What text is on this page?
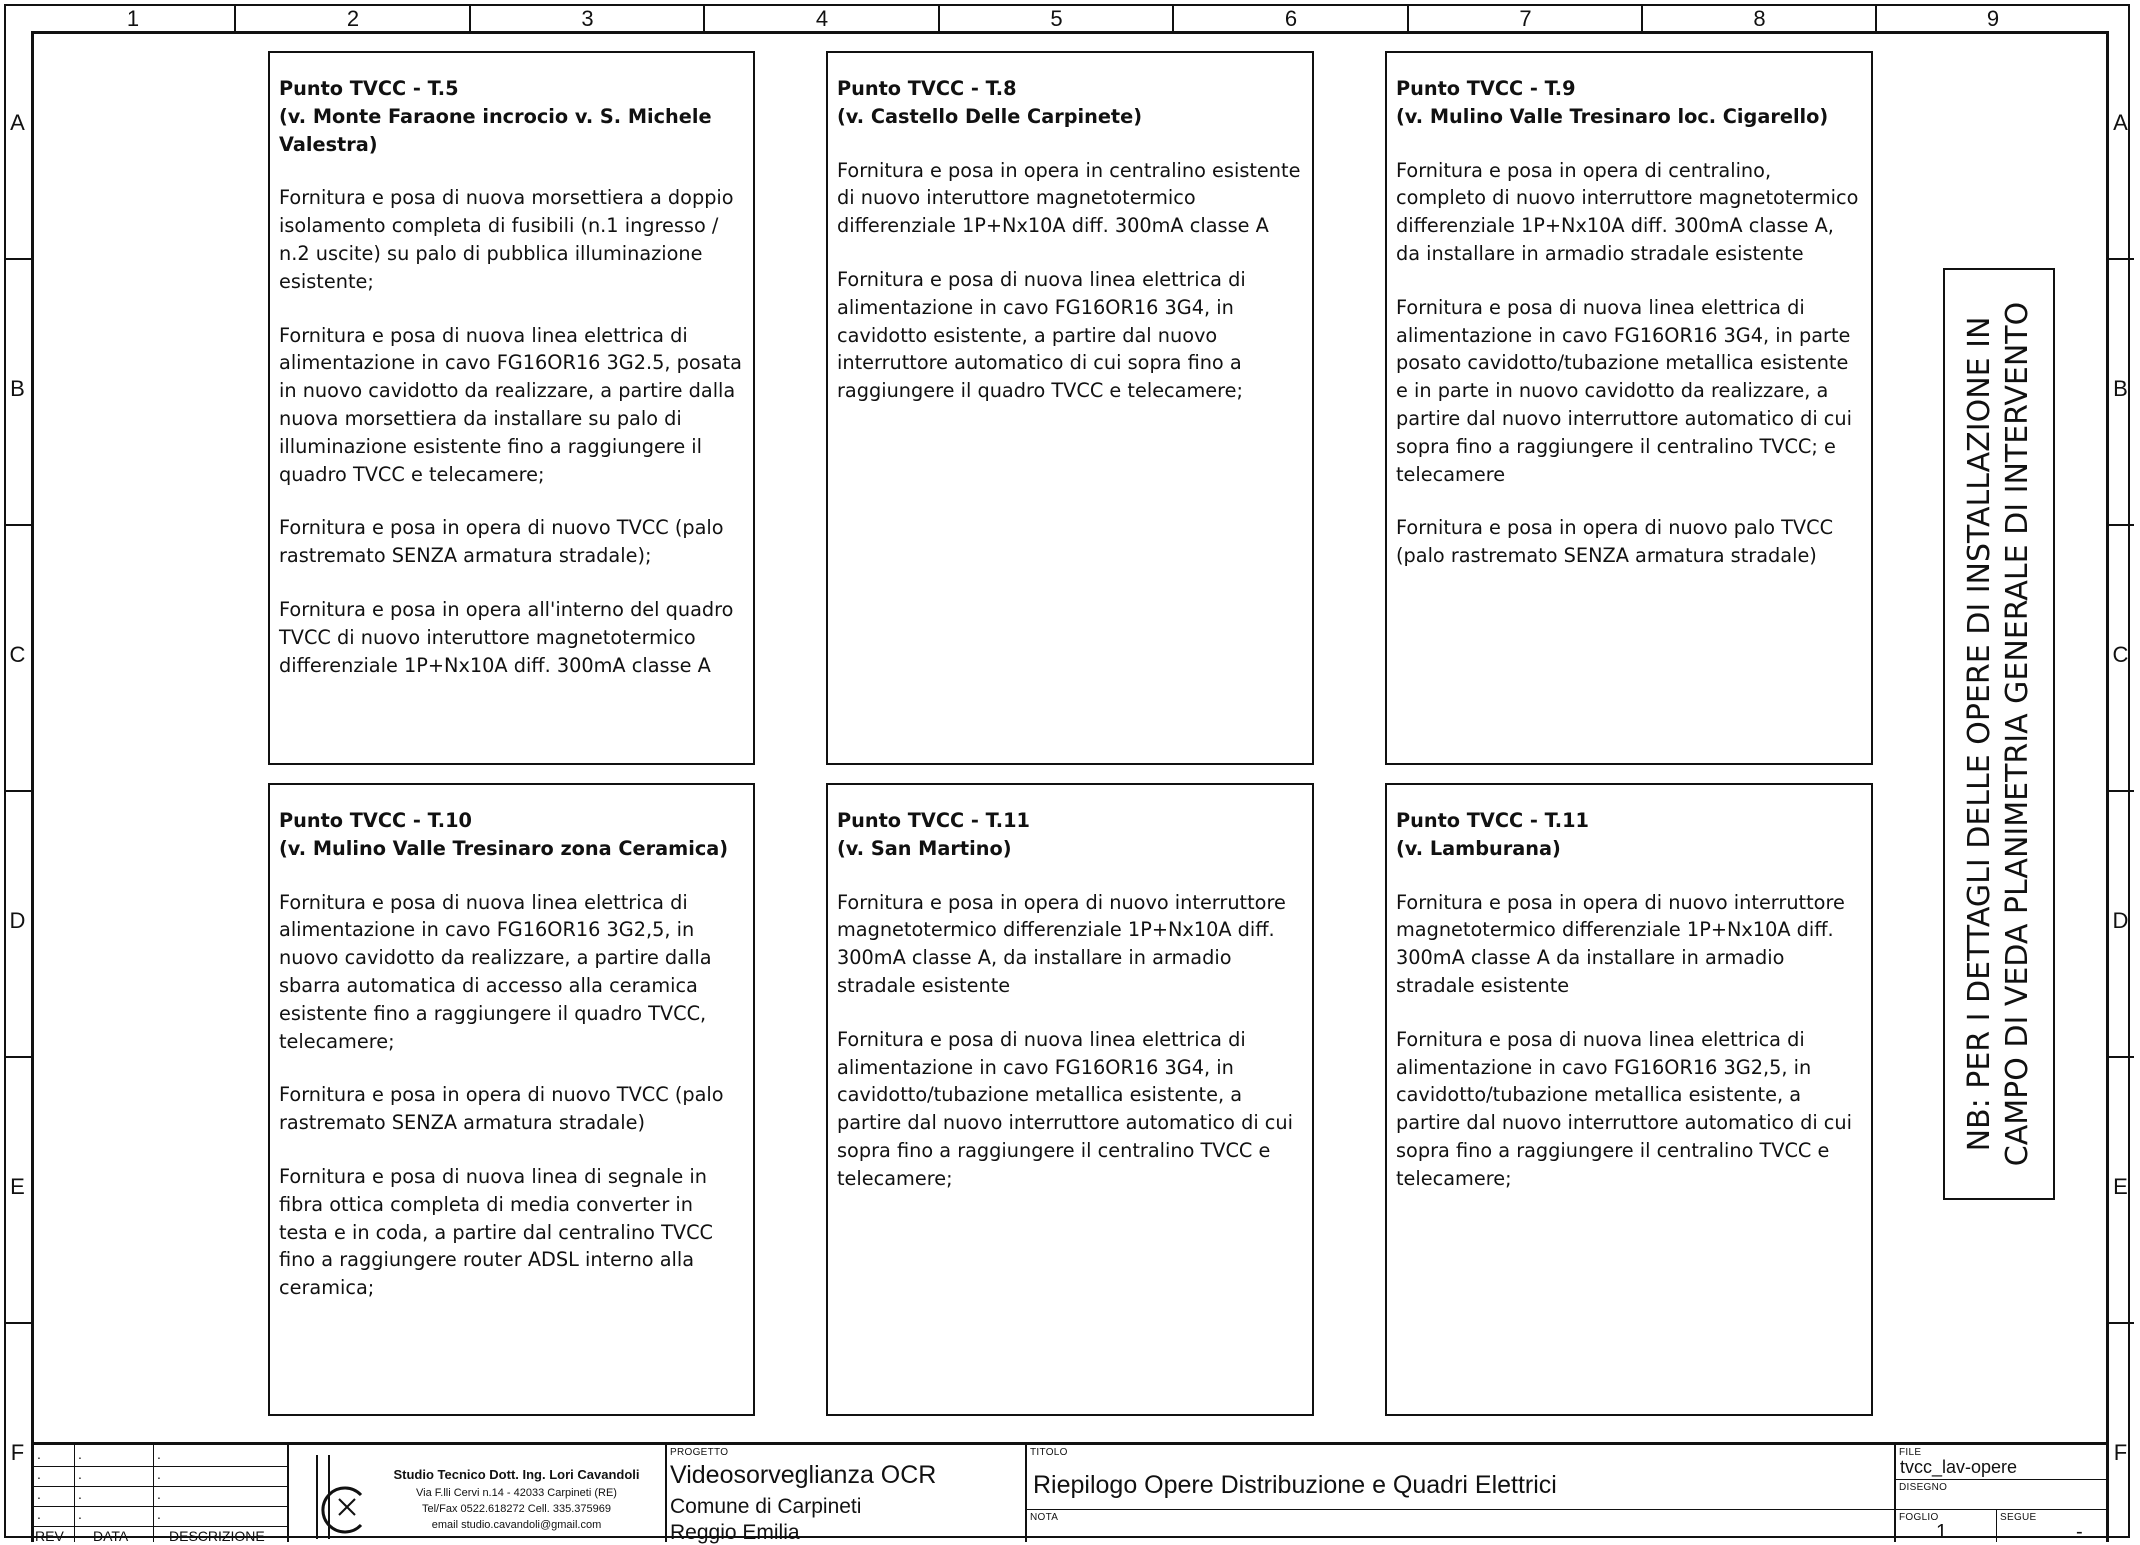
1	2	3	4	5	6	7	8	9
A
B
C
D
E
F
A
B
C
D
E
F

Punto TVCC - T.5

(v. Monte Faraone incrocio v. S. Michele Valestra)

Fornitura e posa di nuova morsettiera a doppio isolamento completa di fusibili (n.1 ingresso / n.2 uscite) su palo di pubblica illuminazione esistente;

Fornitura e posa di nuova linea elettrica di alimentazione in cavo FG16OR16 3G2.5, posata in nuovo cavidotto da realizzare, a partire dalla nuova morsettiera da installare su palo di illuminazione esistente fino a raggiungere il quadro TVCC e telecamere;

Fornitura e posa in opera di nuovo TVCC (palo rastremato SENZA armatura stradale);

Fornitura e posa in opera all'interno del quadro TVCC di nuovo interuttore magnetotermico differenziale 1P+Nx10A diff. 300mA classe A

Punto TVCC - T.8

(v. Castello Delle Carpinete)

Fornitura e posa in opera in centralino esistente di nuovo interuttore magnetotermico differenziale 1P+Nx10A diff. 300mA classe A

Fornitura e posa di nuova linea elettrica di alimentazione in cavo FG16OR16 3G4, in cavidotto esistente, a partire dal nuovo interruttore automatico di cui sopra fino a raggiungere il quadro TVCC e telecamere;

Punto TVCC - T.9

(v. Mulino Valle Tresinaro loc. Cigarello)

Fornitura e posa in opera di centralino, completo di nuovo interruttore magnetotermico differenziale 1P+Nx10A diff. 300mA classe A, da installare in armadio stradale esistente

Fornitura e posa di nuova linea elettrica di alimentazione in cavo FG16OR16 3G4, in parte posato cavidotto/tubazione metallica esistente e in parte in nuovo cavidotto da realizzare, a partire dal nuovo interruttore automatico di cui sopra fino a raggiungere il centralino TVCC; e telecamere

Fornitura e posa in opera di nuovo palo TVCC (palo rastremato SENZA armatura stradale)

Punto TVCC - T.10

(v. Mulino Valle Tresinaro zona Ceramica)

Fornitura e posa di nuova linea elettrica di alimentazione in cavo FG16OR16 3G2,5, in nuovo cavidotto da realizzare, a partire dalla sbarra automatica di accesso alla ceramica esistente fino a raggiungere il quadro TVCC, telecamere;

Fornitura e posa in opera di nuovo TVCC (palo rastremato SENZA armatura stradale)

Fornitura e posa di nuova linea di segnale in fibra ottica completa di media converter in testa e in coda, a partire dal centralino TVCC fino a raggiungere router ADSL interno alla ceramica;

Punto TVCC - T.11

(v. San Martino)

Fornitura e posa in opera di nuovo interruttore magnetotermico differenziale 1P+Nx10A diff. 300mA classe A, da installare in armadio stradale esistente

Fornitura e posa di nuova linea elettrica di alimentazione in cavo FG16OR16 3G4, in cavidotto/tubazione metallica esistente, a partire dal nuovo interruttore automatico di cui sopra fino a raggiungere il centralino TVCC e telecamere;

Punto TVCC - T.11

(v. Lamburana)

Fornitura e posa in opera di nuovo interruttore magnetotermico differenziale 1P+Nx10A diff. 300mA classe A da installare in armadio stradale esistente

Fornitura e posa di nuova linea elettrica di alimentazione in cavo FG16OR16 3G2,5, in cavidotto/tubazione metallica esistente, a partire dal nuovo interruttore automatico di cui sopra fino a raggiungere il centralino TVCC e telecamere;

NB: PER I DETTAGLI DELLE OPERE DI INSTALLAZIONE IN CAMPO DI VEDA PLANIMETRIA GENERALE DI INTERVENTO
.	.	.
.	.	.
.	.	.
.	.	.
REV DATA	DESCRIZIONE
Studio Tecnico Dott. Ing. Lori Cavandoli
Via F.lli Cervi n.14 - 42033 Carpineti (RE)
Tel/Fax 0522.618272 Cell. 335.375969
email studio.cavandoli@gmail.com
PROGETTO
Videosorveglianza OCR
Comune di Carpineti
Reggio Emilia
TITOLO
Riepilogo Opere Distribuzione e Quadri Elettrici
NOTA
FILE
tvcc_lav-opere
DISEGNO
FOGLIO
1
SEGUE
-
